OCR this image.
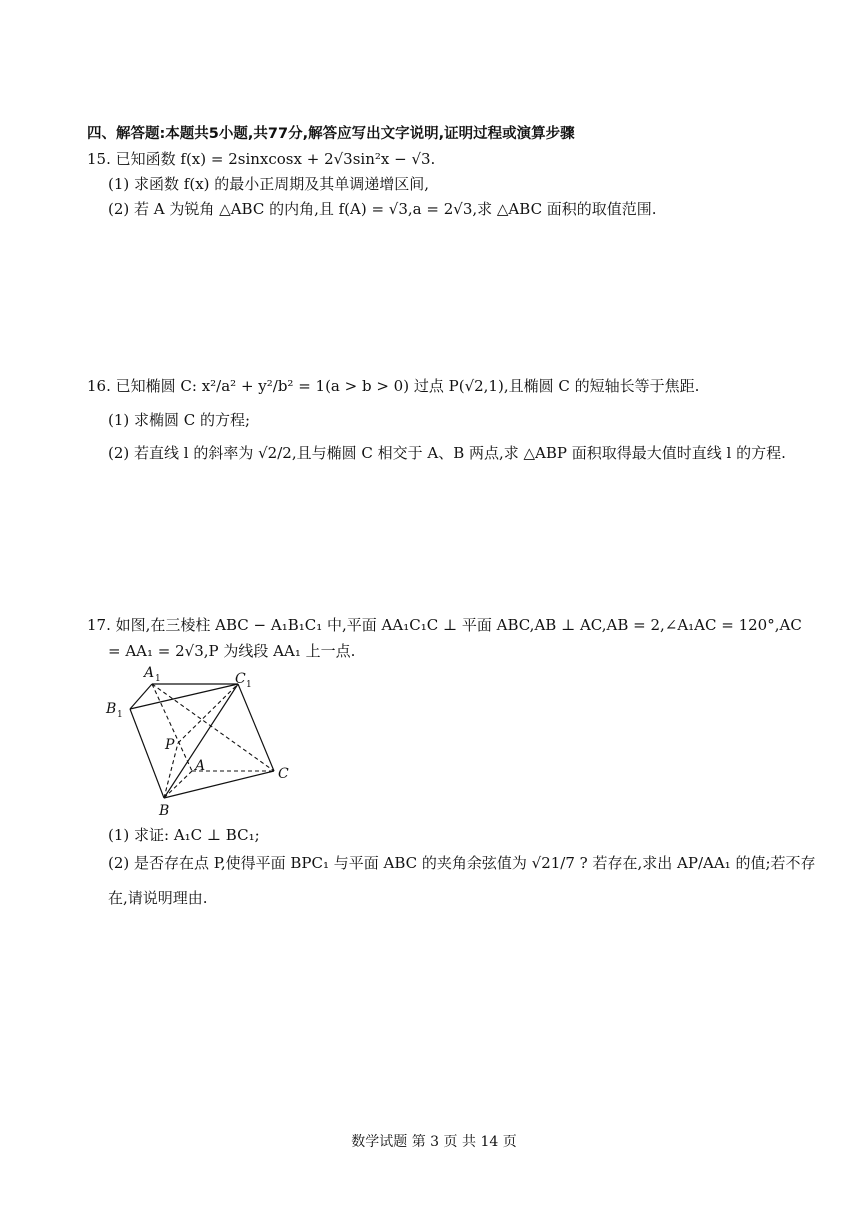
四、解答题:本题共5小题,共77分,解答应写出文字说明,证明过程或演算步骤
15. 已知函数 f(x) = 2sinxcosx + 2√3sin²x − √3.
(1) 求函数 f(x) 的最小正周期及其单调递增区间,
(2) 若 A 为锐角 △ABC 的内角,且 f(A) = √3,a = 2√3,求 △ABC 面积的取值范围.
16. 已知椭圆 C: x²/a² + y²/b² = 1(a > b > 0) 过点 P(√2,1),且椭圆 C 的短轴长等于焦距.
(1) 求椭圆 C 的方程;
(2) 若直线 l 的斜率为 √2/2,且与椭圆 C 相交于 A、B 两点,求 △ABP 面积取得最大值时直线 l 的方程.
17. 如图,在三棱柱 ABC − A₁B₁C₁ 中,平面 AA₁C₁C ⊥ 平面 ABC,AB ⊥ AC,AB = 2,∠A₁AC = 120°,AC
= AA₁ = 2√3,P 为线段 AA₁ 上一点.
A 1	C 1
B 1
P
A	C
B
(1) 求证: A₁C ⊥ BC₁;
(2) 是否存在点 P,使得平面 BPC₁ 与平面 ABC 的夹角余弦值为 √21/7 ? 若存在,求出 AP/AA₁ 的值;若不存
在,请说明理由.
数学试题 第 3 页 共 14 页
